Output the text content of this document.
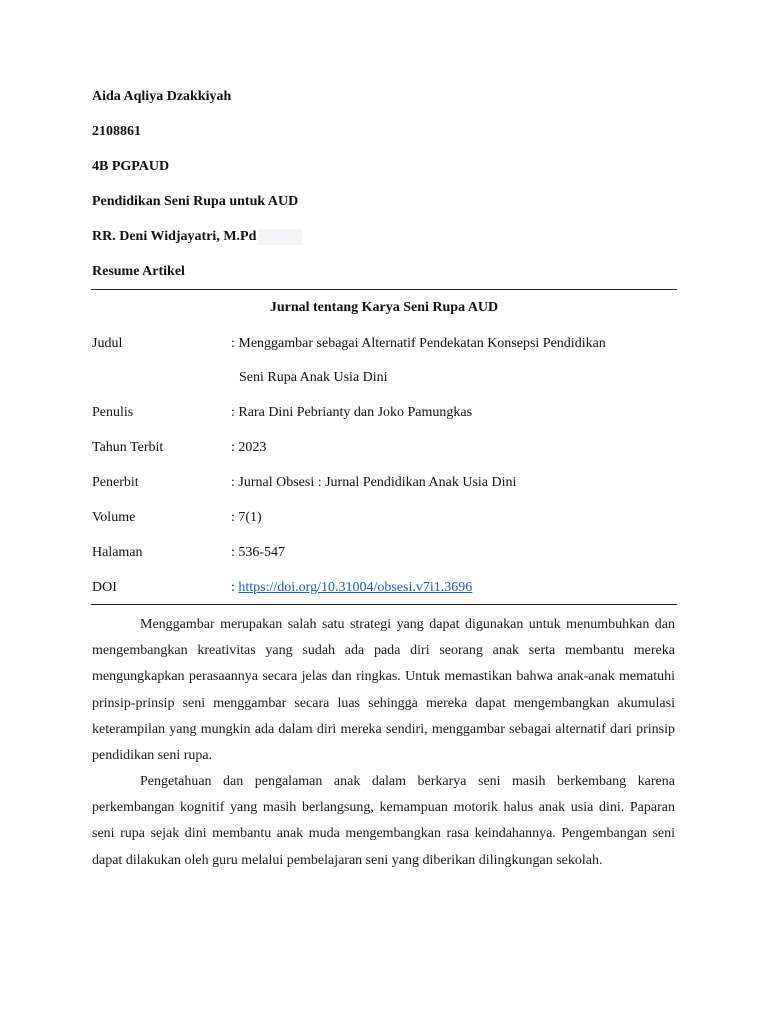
Aida Aqliya Dzakkiyah
2108861
4B PGPAUD
Pendidikan Seni Rupa untuk AUD
RR. Deni Widjayatri, M.Pd
Resume Artikel
Jurnal tentang Karya Seni Rupa AUD
Judul	: Menggambar sebagai Alternatif Pendekatan Konsepsi Pendidikan
Seni Rupa Anak Usia Dini
Penulis	: Rara Dini Pebrianty dan Joko Pamungkas
Tahun Terbit	: 2023
Penerbit	: Jurnal Obsesi : Jurnal Pendidikan Anak Usia Dini
Volume	: 7(1)
Halaman	: 536-547
DOI	: https://doi.org/10.31004/obsesi.v7i1.3696

Menggambar merupakan salah satu strategi yang dapat digunakan untuk menumbuhkan dan mengembangkan kreativitas yang sudah ada pada diri seorang anak serta membantu mereka mengungkapkan perasaannya secara jelas dan ringkas. Untuk memastikan bahwa anak-anak mematuhi prinsip-prinsip seni menggambar secara luas sehingga mereka dapat mengembangkan akumulasi keterampilan yang mungkin ada dalam diri mereka sendiri, menggambar sebagai alternatif dari prinsip pendidikan seni rupa.

Pengetahuan dan pengalaman anak dalam berkarya seni masih berkembang karena perkembangan kognitif yang masih berlangsung, kemampuan motorik halus anak usia dini. Paparan seni rupa sejak dini membantu anak muda mengembangkan rasa keindahannya. Pengembangan seni dapat dilakukan oleh guru melalui pembelajaran seni yang diberikan dilingkungan sekolah.
